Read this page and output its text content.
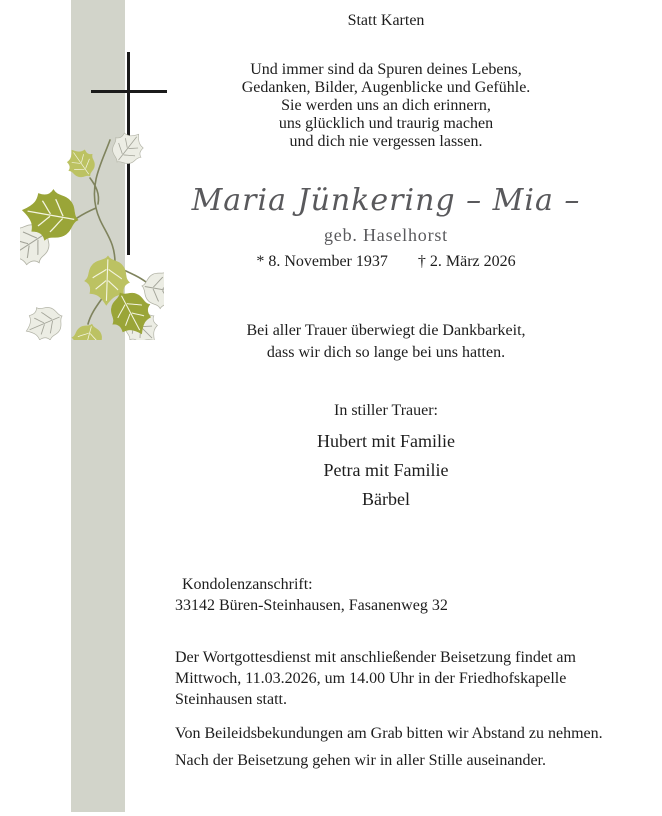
Statt Karten
Und immer sind da Spuren deines Lebens,
Gedanken, Bilder, Augenblicke und Gefühle.
Sie werden uns an dich erinnern,
uns glücklich und traurig machen
und dich nie vergessen lassen.
Maria Jünkering – Mia –
geb. Haselhorst
* 8. November 1937 † 2. März 2026
Bei aller Trauer überwiegt die Dankbarkeit,
dass wir dich so lange bei uns hatten.
In stiller Trauer:
Hubert mit Familie
Petra mit Familie
Bärbel
Kondolenzanschrift:
33142 Büren-Steinhausen, Fasanenweg 32
Der Wortgottesdienst mit anschließender Beisetzung findet am
Mittwoch, 11.03.2026, um 14.00 Uhr in der Friedhofskapelle
Steinhausen statt.
Von Beileidsbekundungen am Grab bitten wir Abstand zu nehmen.
Nach der Beisetzung gehen wir in aller Stille auseinander.
